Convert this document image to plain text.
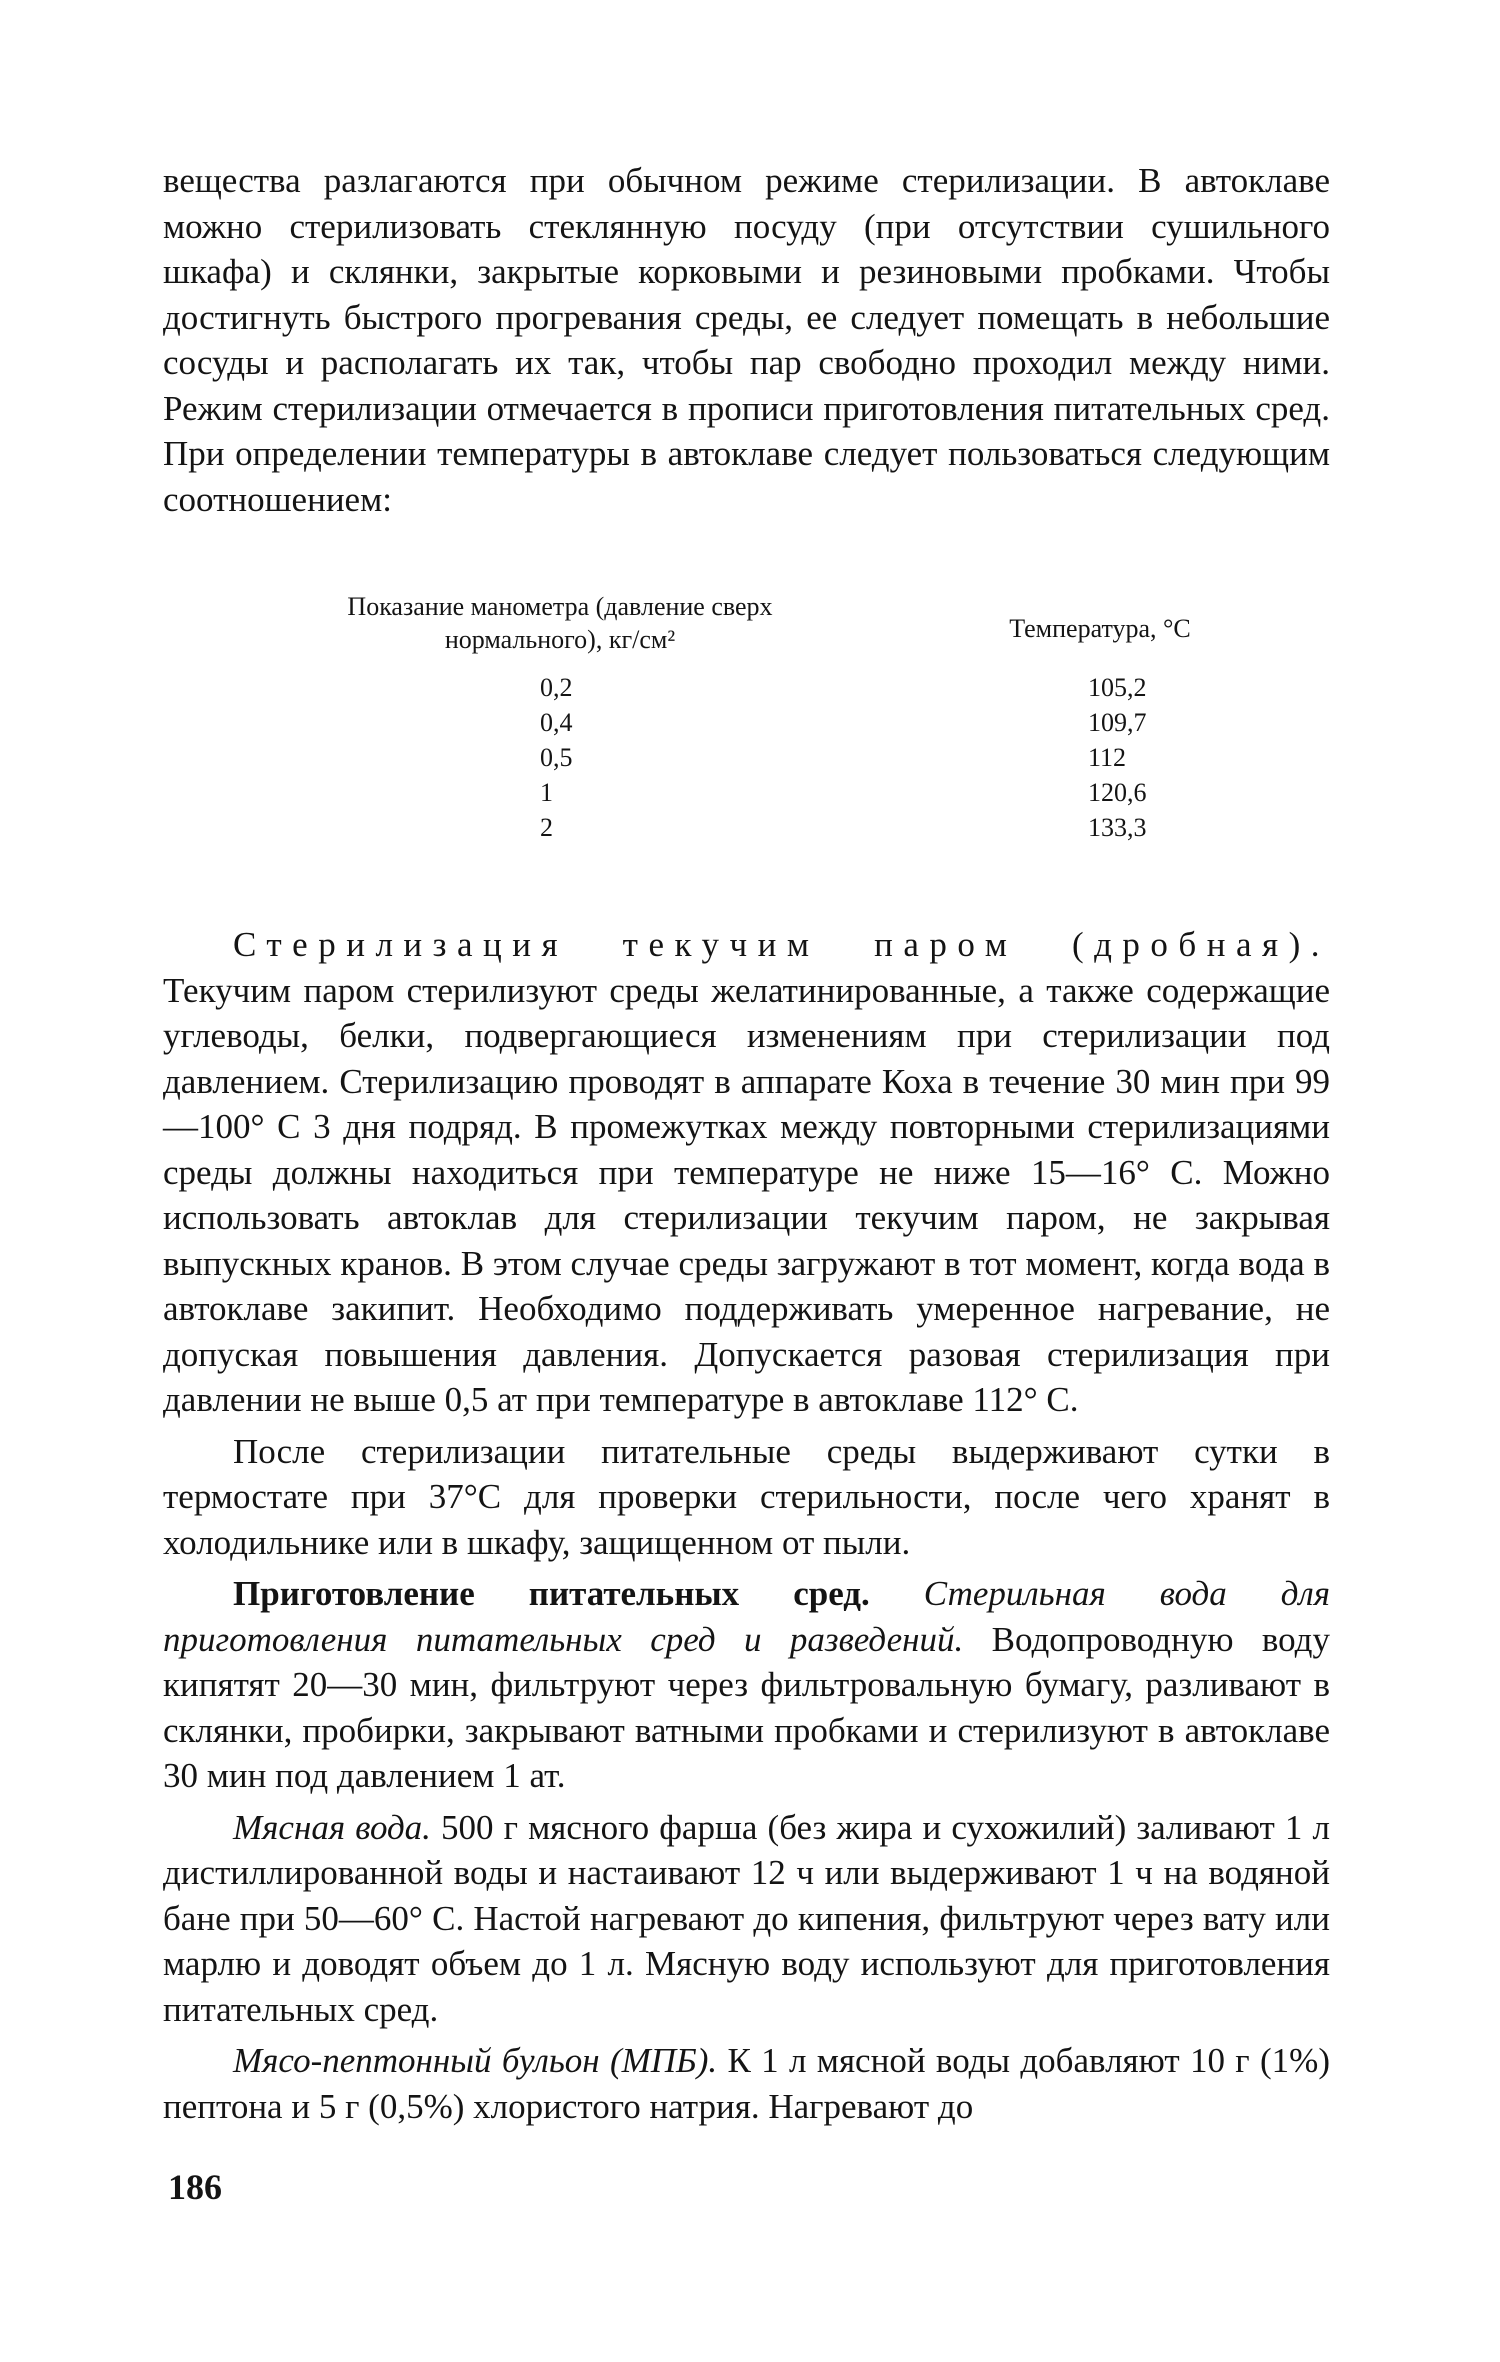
вещества разлагаются при обычном режиме стерилизации. В автоклаве можно стерилизовать стеклянную посуду (при отсутствии сушильного шкафа) и склянки, закрытые корковыми и резиновыми пробками. Чтобы достигнуть быстрого прогревания среды, ее следует помещать в небольшие сосуды и располагать их так, чтобы пар свободно проходил между ними. Режим стерилизации отмечается в прописи приготовления питательных сред. При определении температуры в автоклаве следует пользоваться следующим соотношением:

Показание манометра (давление сверх нормального), кг/см²	Температура, °С
0,2
0,4
0,5
1
2
105,2
109,7
112
120,6
133,3

Стерилизация текучим паром (дробная). Текучим паром стерилизуют среды желатинированные, а также содержащие углеводы, белки, подвергающиеся изменениям при стерилизации под давлением. Стерилизацию проводят в аппарате Коха в течение 30 мин при 99—100° С 3 дня подряд. В промежутках между повторными стерилизациями среды должны находиться при температуре не ниже 15—16° С. Можно использовать автоклав для стерилизации текучим паром, не закрывая выпускных кранов. В этом случае среды загружают в тот момент, когда вода в автоклаве закипит. Необходимо поддерживать умеренное нагревание, не допуская повышения давления. Допускается разовая стерилизация при давлении не выше 0,5 ат при температуре в автоклаве 112° С.

После стерилизации питательные среды выдерживают сутки в термостате при 37°С для проверки стерильности, после чего хранят в холодильнике или в шкафу, защищенном от пыли.

Приготовление питательных сред. Стерильная вода для приготовления питательных сред и разведений. Водопроводную воду кипятят 20—30 мин, фильтруют через фильтровальную бумагу, разливают в склянки, пробирки, закрывают ватными пробками и стерилизуют в автоклаве 30 мин под давлением 1 ат.

Мясная вода. 500 г мясного фарша (без жира и сухожилий) заливают 1 л дистиллированной воды и настаивают 12 ч или выдерживают 1 ч на водяной бане при 50—60° С. Настой нагревают до кипения, фильтруют через вату или марлю и доводят объем до 1 л. Мясную воду используют для приготовления питательных сред.

Мясо-пептонный бульон (МПБ). К 1 л мясной воды добавляют 10 г (1%) пептона и 5 г (0,5%) хлористого натрия. Нагревают до

186
